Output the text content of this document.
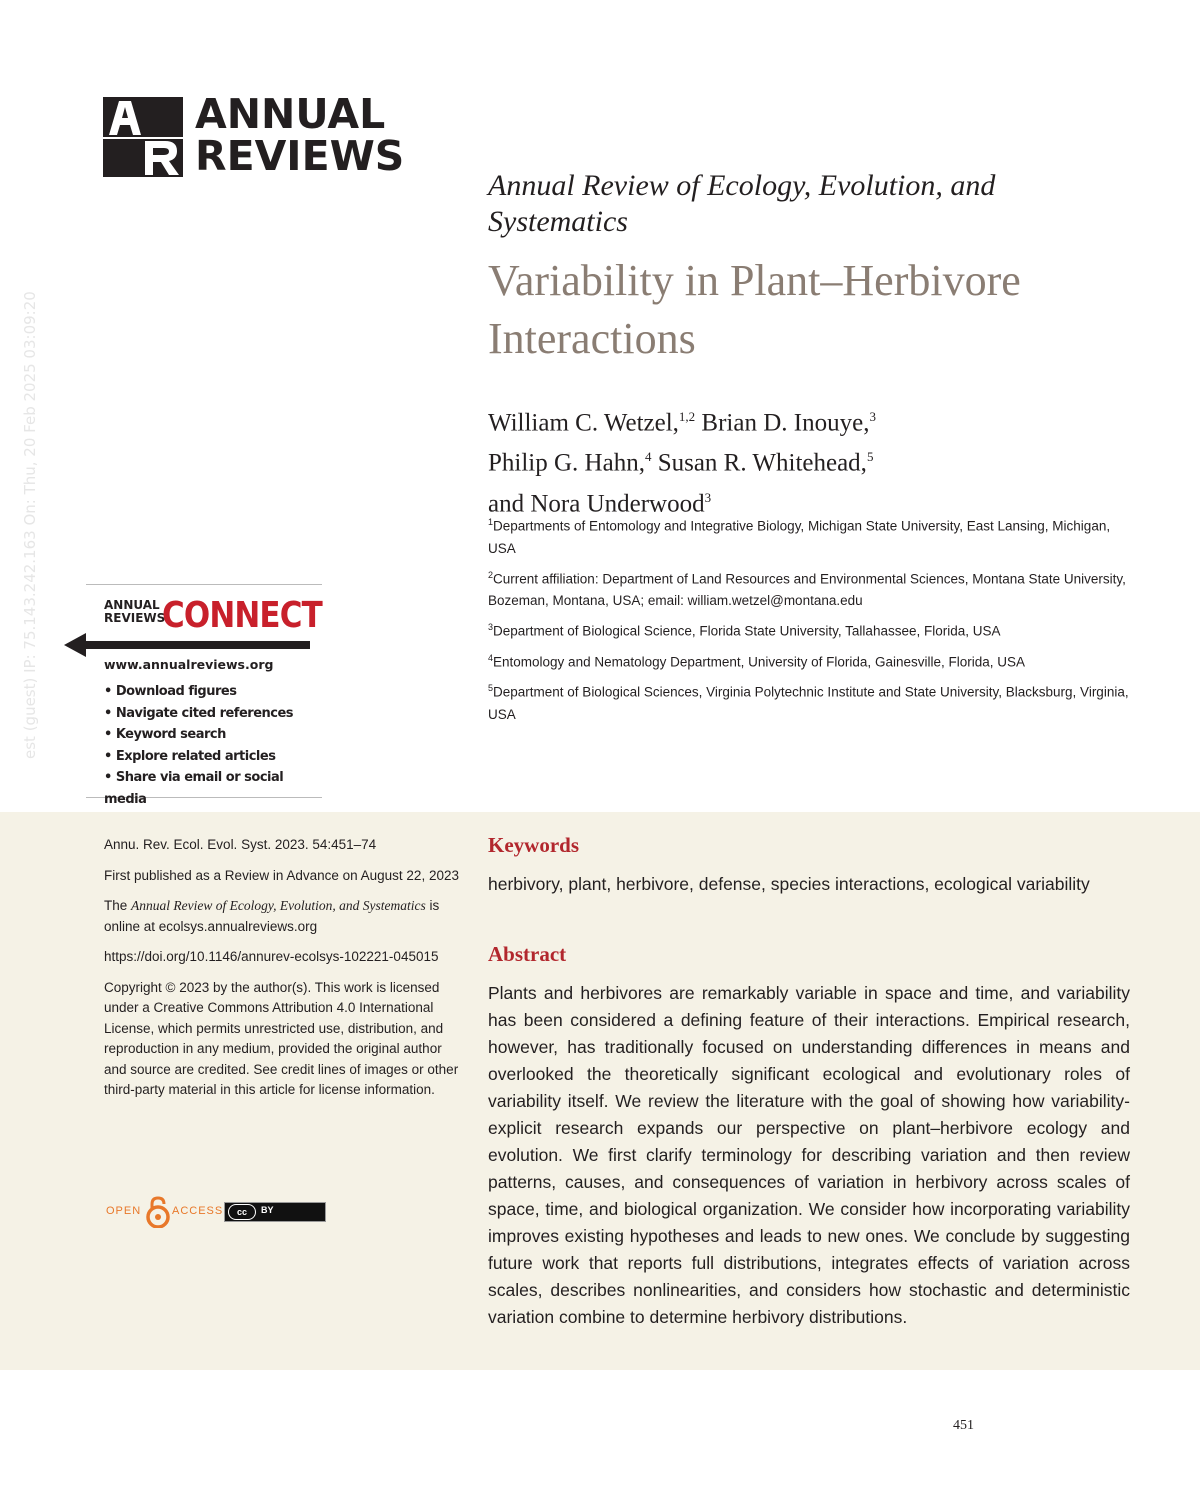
est (guest) IP: 75.143.242.163 On: Thu, 20 Feb 2025 03:09:20
ANNUAL
REVIEWS
Annual Review of Ecology, Evolution, and Systematics
Variability in Plant–Herbivore Interactions
William C. Wetzel,$^{1,2}$ Brian D. Inouye,$^3$
Philip G. Hahn,$^4$ Susan R. Whitehead,$^5$
and Nora Underwood$^3$
$^1$Departments of Entomology and Integrative Biology, Michigan State University, East Lansing, Michigan, USA
$^2$Current affiliation: Department of Land Resources and Environmental Sciences, Montana State University, Bozeman, Montana, USA; email: william.wetzel@montana.edu
$^3$Department of Biological Science, Florida State University, Tallahassee, Florida, USA
$^4$Entomology and Nematology Department, University of Florida, Gainesville, Florida, USA
$^5$Department of Biological Sciences, Virginia Polytechnic Institute and State University, Blacksburg, Virginia, USA
ANNUAL
REVIEWS
CONNECT
www.annualreviews.org
• Download figures
• Navigate cited references
• Keyword search
• Explore related articles
• Share via email or social media

Annu. Rev. Ecol. Evol. Syst. 2023. 54:451–74

First published as a Review in Advance on August 22, 2023

The Annual Review of Ecology, Evolution, and Systematics is online at ecolsys.annualreviews.org

https://doi.org/10.1146/annurev-ecolsys-102221-045015

Copyright © 2023 by the author(s). This work is licensed under a Creative Commons Attribution 4.0 International License, which permits unrestricted use, distribution, and reproduction in any medium, provided the original author and source are credited. See credit lines of images or other third-party material in this article for license information.

OPEN	ACCESS	cc	BY
Keywords
herbivory, plant, herbivore, defense, species interactions, ecological variability
Abstract
Plants and herbivores are remarkably variable in space and time, and variability has been considered a defining feature of their interactions. Empirical research, however, has traditionally focused on understanding differences in means and overlooked the theoretically significant ecological and evolutionary roles of variability itself. We review the literature with the goal of showing how variability-explicit research expands our perspective on plant–herbivore ecology and evolution. We first clarify terminology for describing variation and then review patterns, causes, and consequences of variation in herbivory across scales of space, time, and biological organization. We consider how incorporating variability improves existing hypotheses and leads to new ones. We conclude by suggesting future work that reports full distributions, integrates effects of variation across scales, describes nonlinearities, and considers how stochastic and deterministic variation combine to determine herbivory distributions.
451
